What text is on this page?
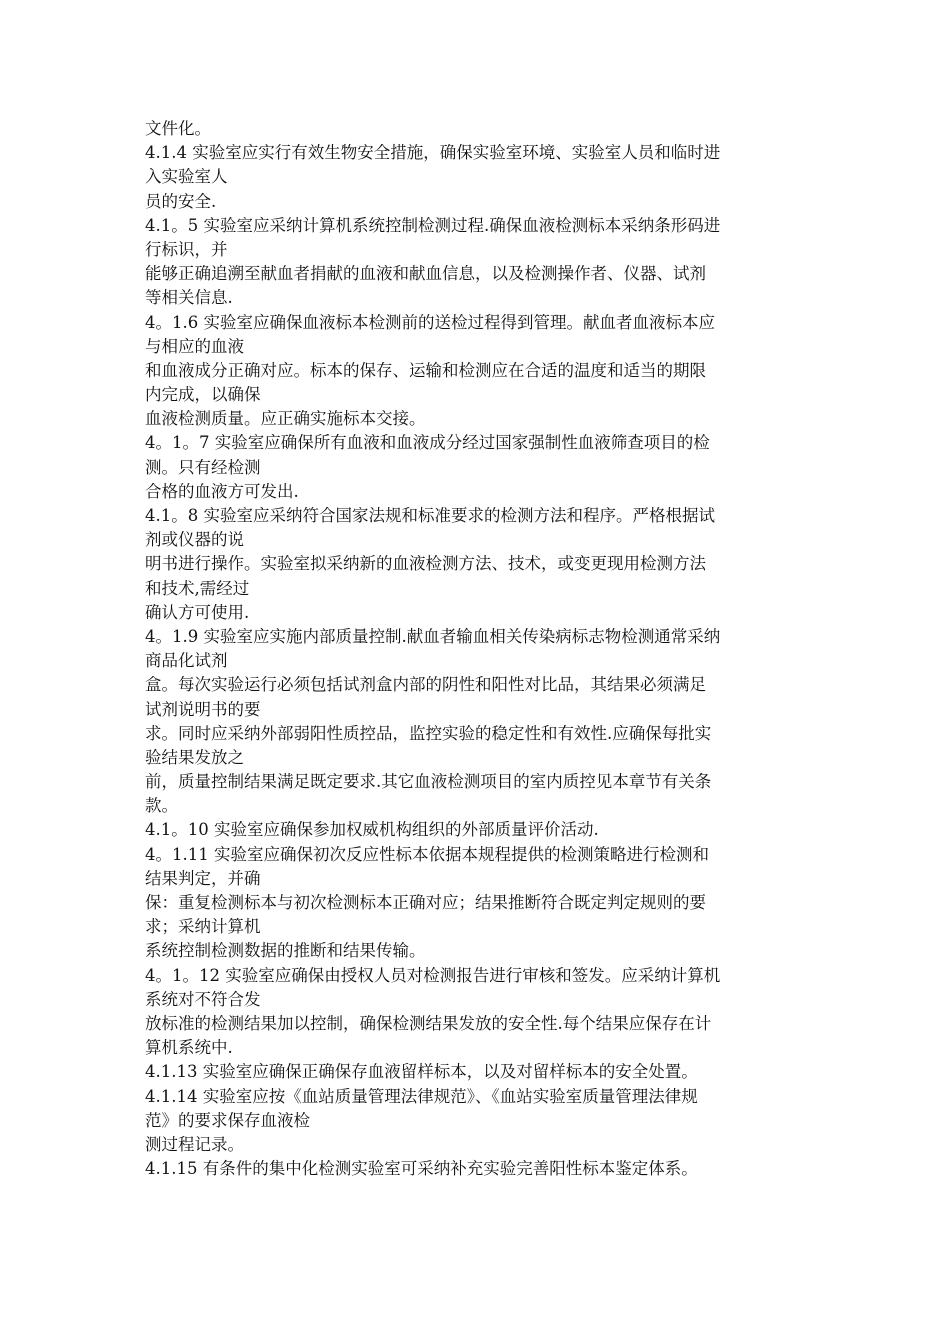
文件化。
4.1.4 实验室应实行有效生物安全措施，确保实验室环境、实验室人员和临时进
入实验室人
员的安全.
4.1。5 实验室应采纳计算机系统控制检测过程.确保血液检测标本采纳条形码进
行标识，并
能够正确追溯至献血者捐献的血液和献血信息，以及检测操作者、仪器、试剂
等相关信息.
4。1.6 实验室应确保血液标本检测前的送检过程得到管理。献血者血液标本应
与相应的血液
和血液成分正确对应。标本的保存、运输和检测应在合适的温度和适当的期限
内完成，以确保
血液检测质量。应正确实施标本交接。
4。1。7 实验室应确保所有血液和血液成分经过国家强制性血液筛查项目的检
测。只有经检测
合格的血液方可发出.
4.1。8 实验室应采纳符合国家法规和标准要求的检测方法和程序。严格根据试
剂或仪器的说
明书进行操作。实验室拟采纳新的血液检测方法、技术，或变更现用检测方法
和技术,需经过
确认方可使用.
4。1.9 实验室应实施内部质量控制.献血者输血相关传染病标志物检测通常采纳
商品化试剂
盒。每次实验运行必须包括试剂盒内部的阴性和阳性对比品，其结果必须满足
试剂说明书的要
求。同时应采纳外部弱阳性质控品，监控实验的稳定性和有效性.应确保每批实
验结果发放之
前，质量控制结果满足既定要求.其它血液检测项目的室内质控见本章节有关条
款。
4.1。10 实验室应确保参加权威机构组织的外部质量评价活动.
4。1.11 实验室应确保初次反应性标本依据本规程提供的检测策略进行检测和
结果判定，并确
保：重复检测标本与初次检测标本正确对应；结果推断符合既定判定规则的要
求；采纳计算机
系统控制检测数据的推断和结果传输。
4。1。12 实验室应确保由授权人员对检测报告进行审核和签发。应采纳计算机
系统对不符合发
放标准的检测结果加以控制，确保检测结果发放的安全性.每个结果应保存在计
算机系统中.
4.1.13 实验室应确保正确保存血液留样标本，以及对留样标本的安全处置。
4.1.14 实验室应按《血站质量管理法律规范》、《血站实验室质量管理法律规
范》的要求保存血液检
测过程记录。
4.1.15 有条件的集中化检测实验室可采纳补充实验完善阳性标本鉴定体系。
